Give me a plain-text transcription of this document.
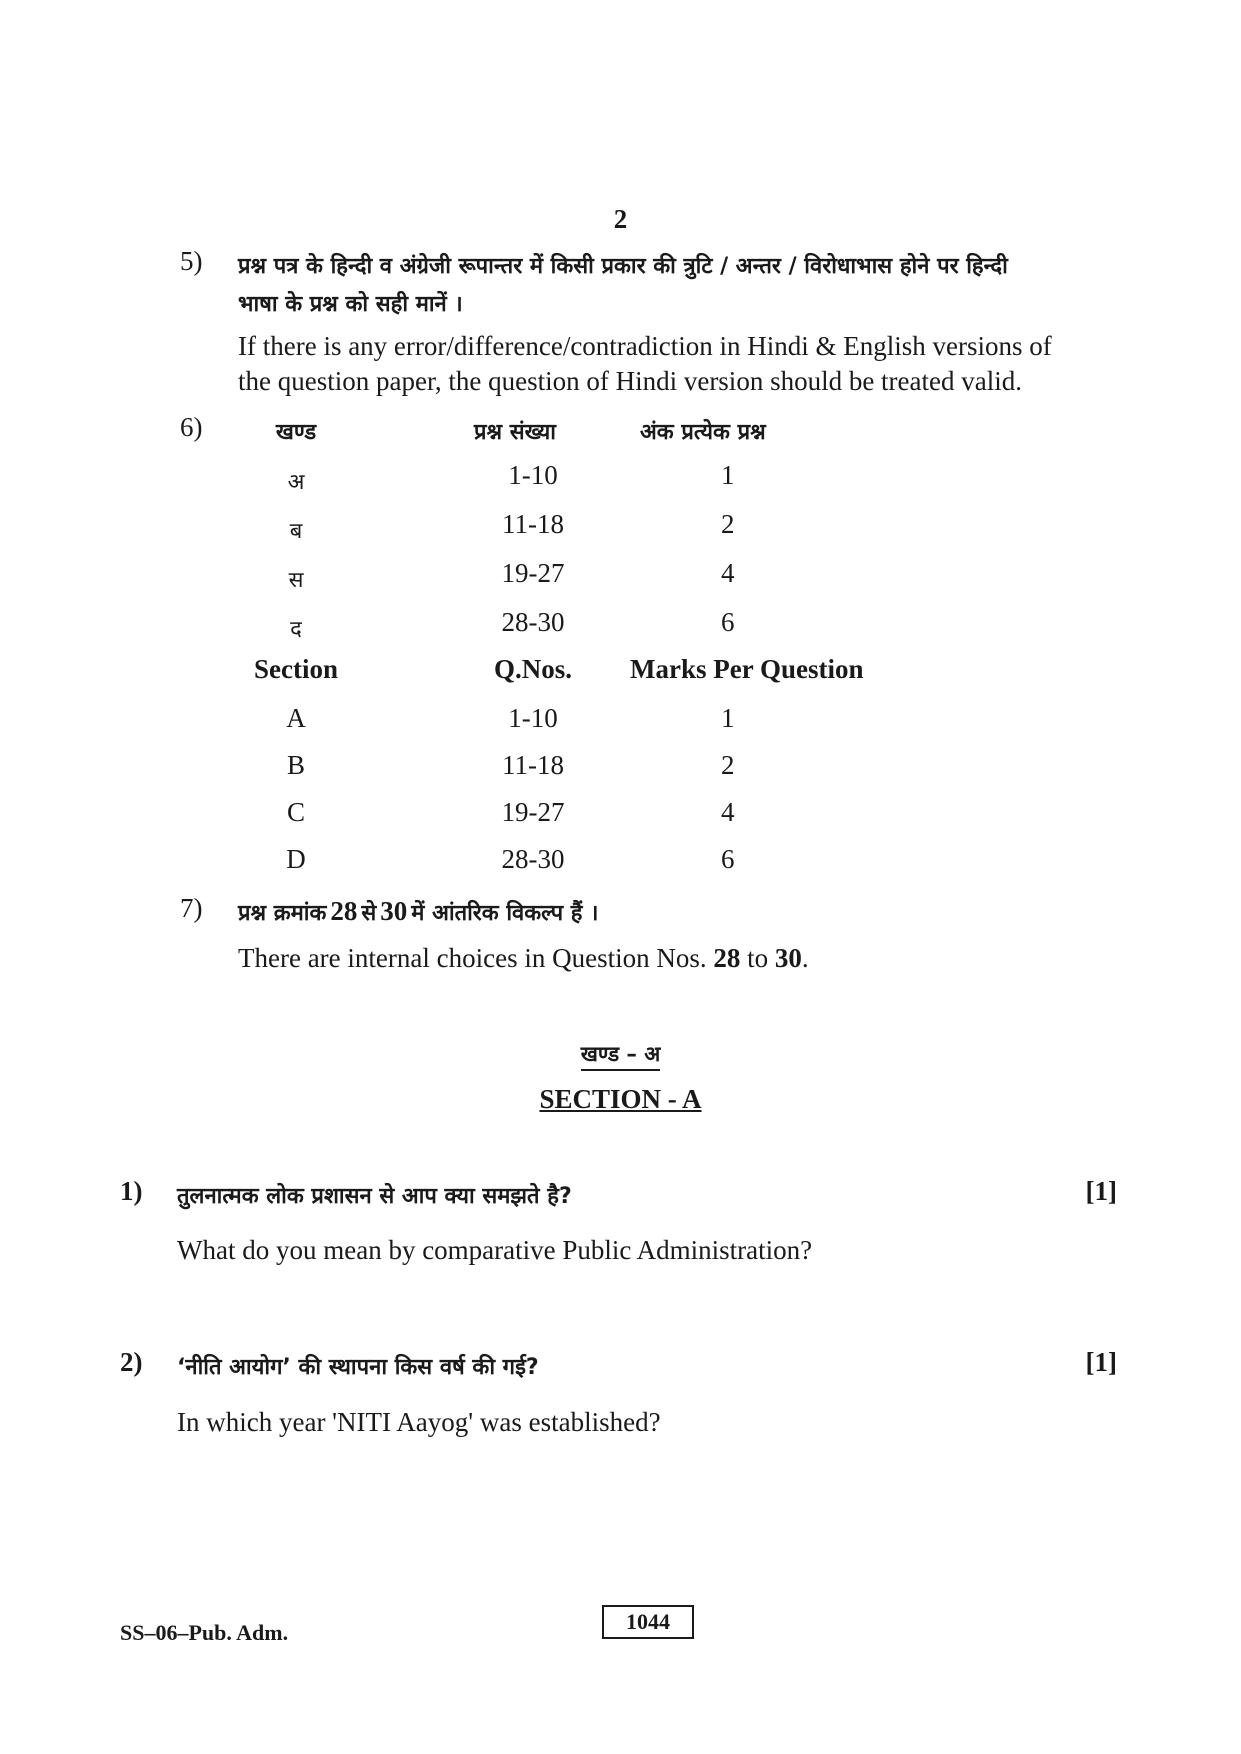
2
5) प्रश्न पत्र के हिन्दी व अंग्रेजी रूपान्तर में किसी प्रकार की त्रुटि / अन्तर / विरोधाभास होने पर हिन्दी
भाषा के प्रश्न को सही मानें ।
If there is any error/difference/contradiction in Hindi & English versions of
the question paper, the question of Hindi version should be treated valid.
6)	खण्ड	प्रश्न संख्या	अंक प्रत्येक प्रश्न
अ	1-10	1
ब	11-18	2
स	19-27	4
द	28-30	6
Section	Q.Nos.	Marks Per Question
A	1-10	1
B	11-18	2
C	19-27	4
D	28-30	6
7) प्रश्न क्रमांक 28 से 30 में आंतरिक विकल्प हैं ।
There are internal choices in Question Nos. 28 to 30.
खण्ड – अ
SECTION - A
1) तुलनात्मक लोक प्रशासन से आप क्या समझते है?	[1]
What do you mean by comparative Public Administration?
2) ‘नीति आयोग’ की स्थापना किस वर्ष की गई?	[1]
In which year 'NITI Aayog' was established?
SS–06–Pub. Adm.	1044
